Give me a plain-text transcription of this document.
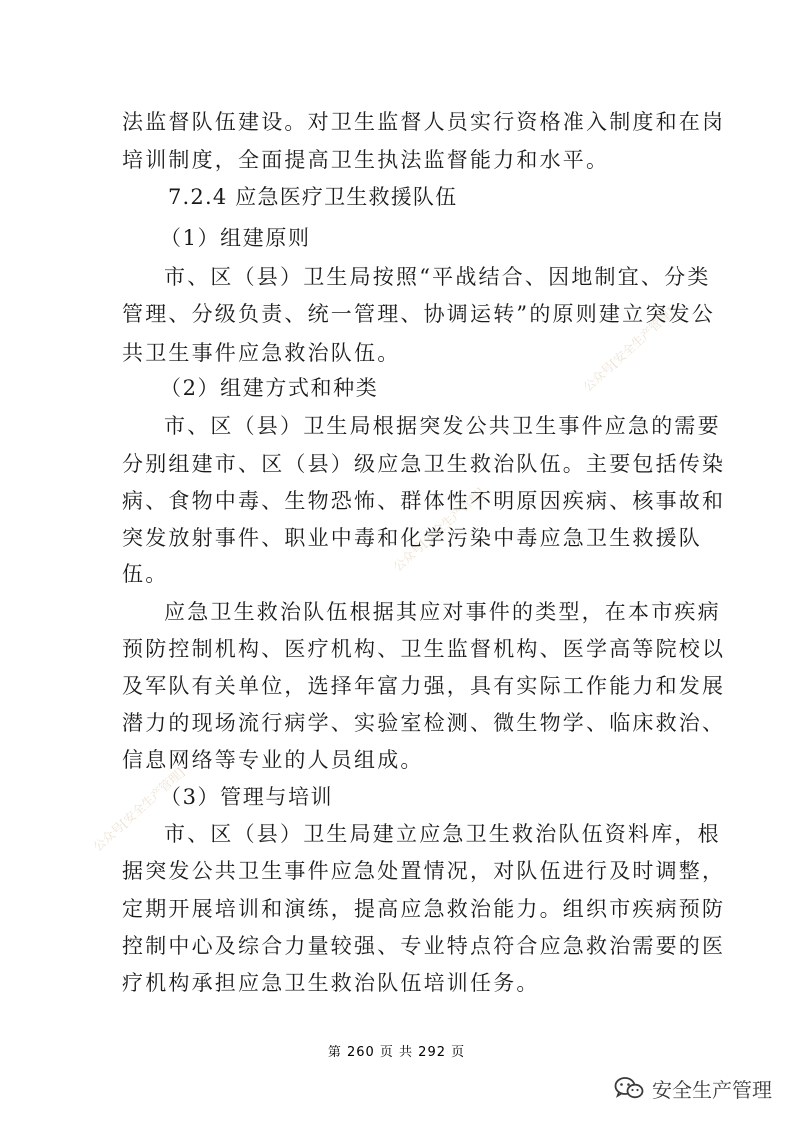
公众号[安全生产管理]
公众号[安全生产管理]
公众号[安全生产管理]
法监督队伍建设。对卫生监督人员实行资格准入制度和在岗
培训制度，全面提高卫生执法监督能力和水平。
7.2.4 应急医疗卫生救援队伍
（1）组建原则
市、区（县）卫生局按照“平战结合、因地制宜、分类
管理、分级负责、统一管理、协调运转”的原则建立突发公
共卫生事件应急救治队伍。
（2）组建方式和种类
市、区（县）卫生局根据突发公共卫生事件应急的需要
分别组建市、区（县）级应急卫生救治队伍。主要包括传染
病、食物中毒、生物恐怖、群体性不明原因疾病、核事故和
突发放射事件、职业中毒和化学污染中毒应急卫生救援队
伍。
应急卫生救治队伍根据其应对事件的类型，在本市疾病
预防控制机构、医疗机构、卫生监督机构、医学高等院校以
及军队有关单位，选择年富力强，具有实际工作能力和发展
潜力的现场流行病学、实验室检测、微生物学、临床救治、
信息网络等专业的人员组成。
（3）管理与培训
市、区（县）卫生局建立应急卫生救治队伍资料库，根
据突发公共卫生事件应急处置情况，对队伍进行及时调整，
定期开展培训和演练，提高应急救治能力。组织市疾病预防
控制中心及综合力量较强、专业特点符合应急救治需要的医
疗机构承担应急卫生救治队伍培训任务。
第 260 页 共 292 页
安全生产管理
